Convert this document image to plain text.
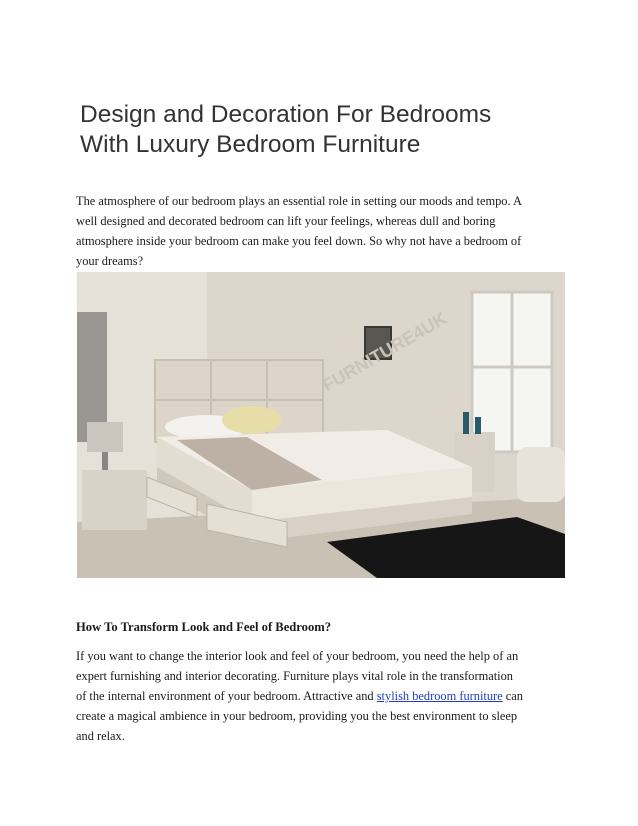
Design and Decoration For Bedrooms
With Luxury Bedroom Furniture

The atmosphere of our bedroom plays an essential role in setting our moods and tempo. A
well designed and decorated bedroom can lift your feelings, whereas dull and boring
atmosphere inside your bedroom can make you feel down. So why not have a bedroom of
your dreams?

FURNITURE4UK
How To Transform Look and Feel of Bedroom?

If you want to change the interior look and feel of your bedroom, you need the help of an
expert furnishing and interior decorating. Furniture plays vital role in the transformation
of the internal environment of your bedroom. Attractive and stylish bedroom furniture can
create a magical ambience in your bedroom, providing you the best environment to sleep
and relax.
